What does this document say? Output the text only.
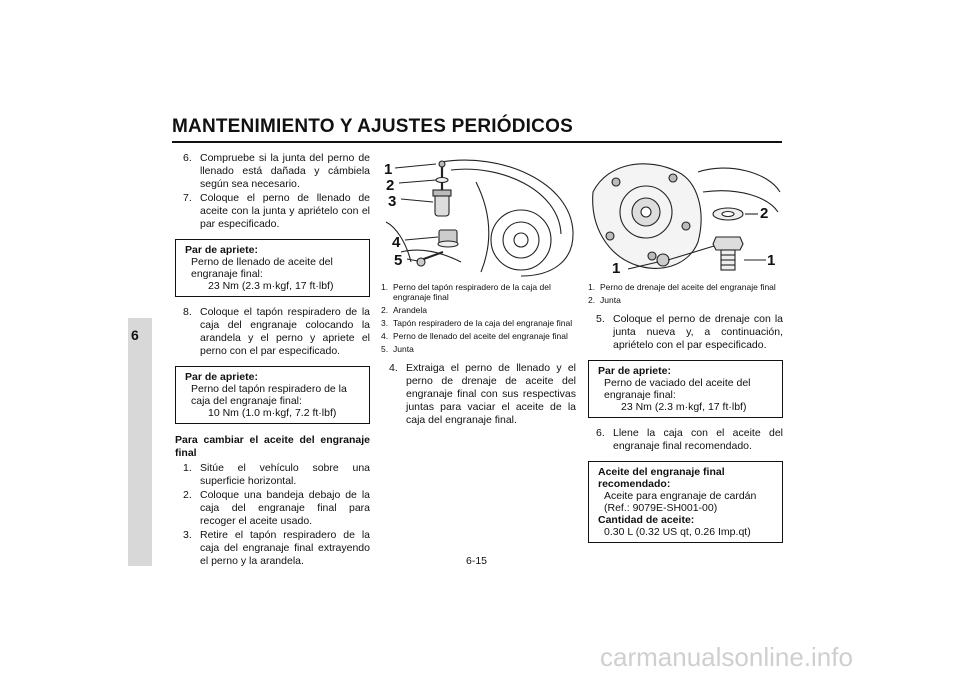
MANTENIMIENTO Y AJUSTES PERIÓDICOS
6
6. Compruebe si la junta del perno de llenado está dañada y cámbiela según sea necesario.
7. Coloque el perno de llenado de aceite con la junta y apriételo con el par especificado.
Par de apriete:
Perno de llenado de aceite del engranaje final:
23 Nm (2.3 m·kgf, 17 ft·lbf)
8. Coloque el tapón respiradero de la caja del engranaje colocando la arandela y el perno y apriete el perno con el par especificado.
Par de apriete:
Perno del tapón respiradero de la caja del engranaje final:
10 Nm (1.0 m·kgf, 7.2 ft·lbf)
Para cambiar el aceite del engranaje final
1. Sitúe el vehículo sobre una superficie horizontal.
2. Coloque una bandeja debajo de la caja del engranaje final para recoger el aceite usado.
3. Retire el tapón respiradero de la caja del engranaje final extrayendo el perno y la arandela.
1
2
3
4
5
1. Perno del tapón respiradero de la caja del engranaje final
2. Arandela
3. Tapón respiradero de la caja del engranaje final
4. Perno de llenado del aceite del engranaje final
5. Junta
4. Extraiga el perno de llenado y el perno de drenaje de aceite del engranaje final con sus respectivas juntas para vaciar el aceite de la caja del engranaje final.
1	1
2
1. Perno de drenaje del aceite del engranaje final
2. Junta
5. Coloque el perno de drenaje con la junta nueva y, a continuación, apriételo con el par especificado.
Par de apriete:
Perno de vaciado del aceite del engranaje final:
23 Nm (2.3 m·kgf, 17 ft·lbf)
6. Llene la caja con el aceite del engranaje final recomendado.
Aceite del engranaje final recomendado:
Aceite para engranaje de cardán
(Ref.: 9079E-SH001-00)
Cantidad de aceite:
0.30 L (0.32 US qt, 0.26 Imp.qt)
6-15
carmanualsonline.info
